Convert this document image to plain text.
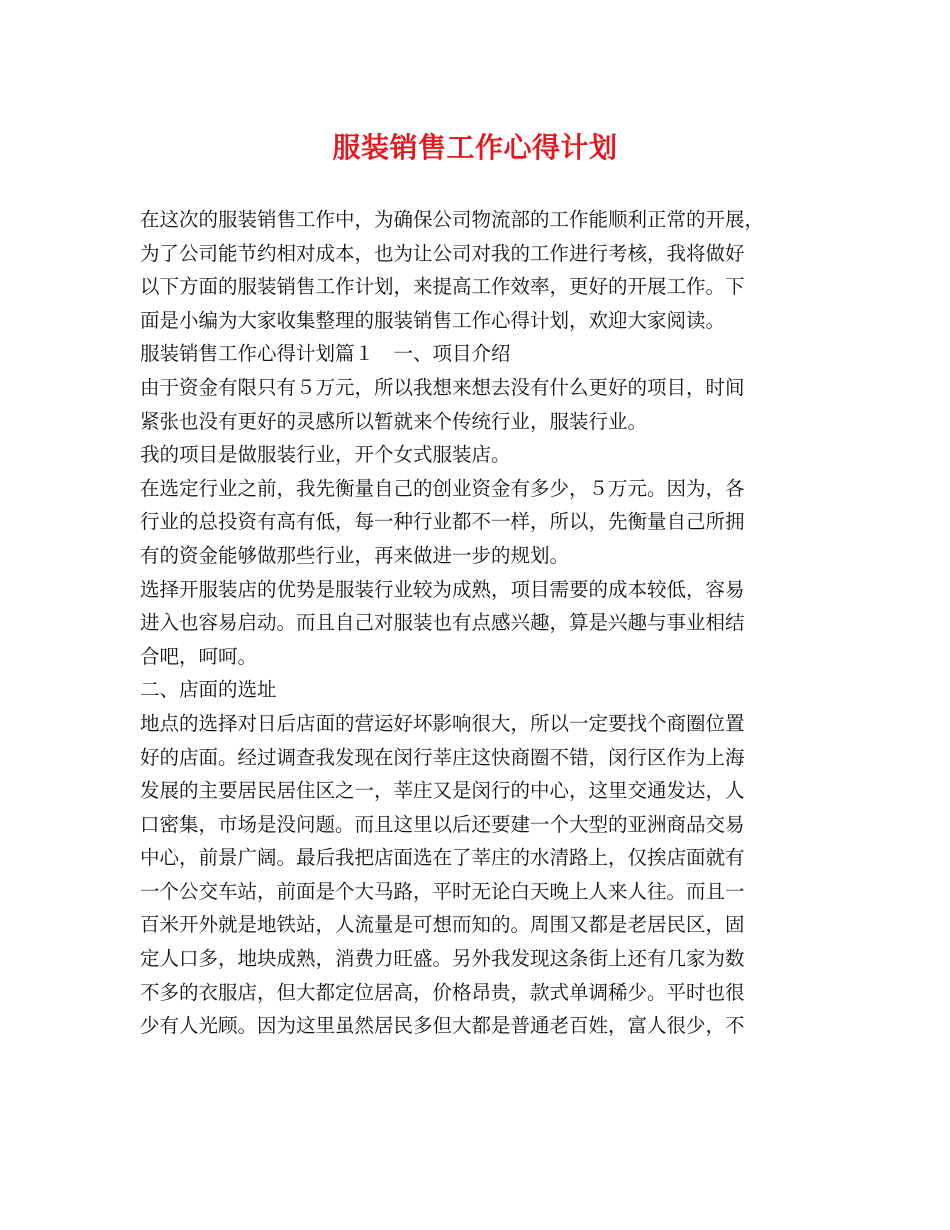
服装销售工作心得计划
在这次的服装销售工作中，为确保公司物流部的工作能顺利正常的开展，
为了公司能节约相对成本，也为让公司对我的工作进行考核，我将做好
以下方面的服装销售工作计划，来提高工作效率，更好的开展工作。下
面是小编为大家收集整理的服装销售工作心得计划，欢迎大家阅读。
服装销售工作心得计划篇１　一、项目介绍
由于资金有限只有５万元，所以我想来想去没有什么更好的项目，时间
紧张也没有更好的灵感所以暂就来个传统行业，服装行业。
我的项目是做服装行业，开个女式服装店。
在选定行业之前，我先衡量自己的创业资金有多少，５万元。因为，各
行业的总投资有高有低，每一种行业都不一样，所以，先衡量自己所拥
有的资金能够做那些行业，再来做进一步的规划。
选择开服装店的优势是服装行业较为成熟，项目需要的成本较低，容易
进入也容易启动。而且自己对服装也有点感兴趣，算是兴趣与事业相结
合吧，呵呵。
二、店面的选址
地点的选择对日后店面的营运好坏影响很大，所以一定要找个商圈位置
好的店面。经过调查我发现在闵行莘庄这快商圈不错，闵行区作为上海
发展的主要居民居住区之一，莘庄又是闵行的中心，这里交通发达，人
口密集，市场是没问题。而且这里以后还要建一个大型的亚洲商品交易
中心，前景广阔。最后我把店面选在了莘庄的水清路上，仅挨店面就有
一个公交车站，前面是个大马路，平时无论白天晚上人来人往。而且一
百米开外就是地铁站，人流量是可想而知的。周围又都是老居民区，固
定人口多，地块成熟，消费力旺盛。另外我发现这条街上还有几家为数
不多的衣服店，但大都定位居高，价格昂贵，款式单调稀少。平时也很
少有人光顾。因为这里虽然居民多但大都是普通老百姓，富人很少，不
